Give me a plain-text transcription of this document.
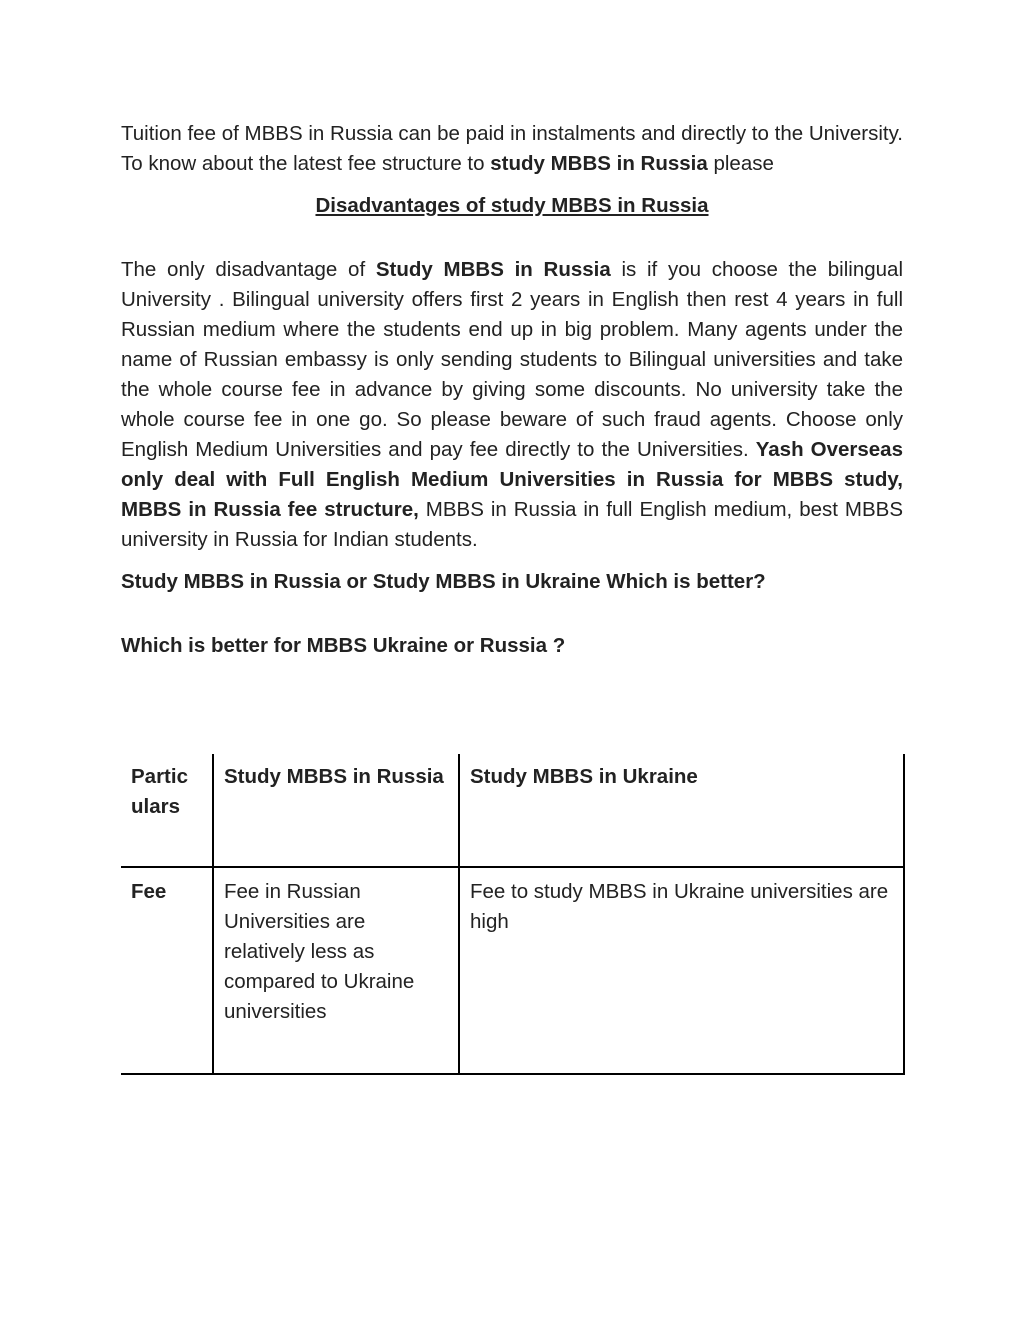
Tuition fee of MBBS in Russia can be paid in instalments and directly to the University. To know about the latest fee structure to study MBBS in Russia please

Disadvantages of study MBBS in Russia

The only disadvantage of Study MBBS in Russia is if you choose the bilingual University . Bilingual university offers first 2 years in English then rest 4 years in full Russian medium where the students end up in big problem. Many agents under the name of Russian embassy is only sending students to Bilingual universities and take the whole course fee in advance by giving some discounts. No university take the whole course fee in one go. So please beware of such fraud agents. Choose only English Medium Universities and pay fee directly to the Universities. Yash Overseas only deal with Full English Medium Universities in Russia for MBBS study, MBBS in Russia fee structure, MBBS in Russia in full English medium, best MBBS university in Russia for Indian students.

Study MBBS in Russia or Study MBBS in Ukraine Which is better?
Which is better for MBBS Ukraine or Russia ?
Partic ulars	Study MBBS in Russia	Study MBBS in Ukraine
Fee	Fee in Russian Universities are relatively less as compared to Ukraine universities	Fee to study MBBS in Ukraine universities are high
